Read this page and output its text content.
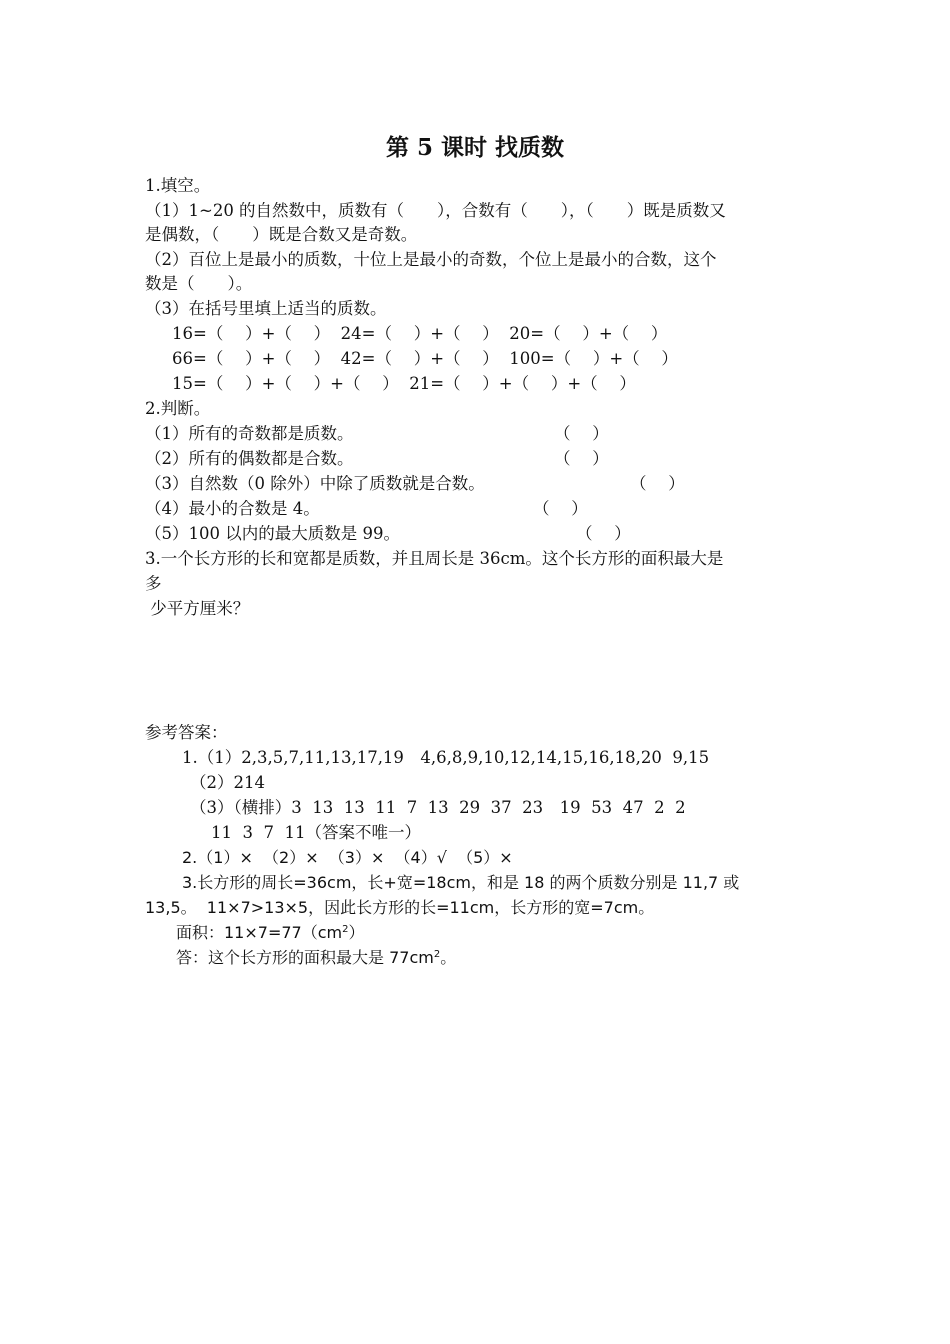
第 5 课时 找质数
1.填空。
（1）1~20 的自然数中，质数有（　　），合数有（　　），（　　）既是质数又
是偶数，（　　）既是合数又是奇数。
（2）百位上是最小的质数，十位上是最小的奇数，个位上是最小的合数，这个
数是（　　）。
（3）在括号里填上适当的质数。
16=（　 ）+（　 ）  24=（　 ）+（　 ）  20=（　 ）+（　 ）
66=（　 ）+（　 ）  42=（　 ）+（　 ）  100=（　 ）+（　 ）
15=（　 ）+（　 ）+（　 ）  21=（　 ）+（　 ）+（　 ）
2.判断。
（1）所有的奇数都是质数。	（　 ）
（2）所有的偶数都是合数。	（　 ）
（3）自然数（0 除外）中除了质数就是合数。	（　 ）
（4）最小的合数是 4。	（　 ）
（5）100 以内的最大质数是 99。	（　 ）
3.一个长方形的长和宽都是质数，并且周长是 36cm。这个长方形的面积最大是
多
少平方厘米？
参考答案：
1.（1）2,3,5,7,11,13,17,19　4,6,8,9,10,12,14,15,16,18,20  9,15
（2）214
（3）（横排）3  13  13  11  7  13  29  37  23　19  53  47  2  2
11  3  7  11（答案不唯一）
2.（1）×  （2）×  （3）×  （4）√  （5）×
3.长方形的周长=36cm，长+宽=18cm，和是 18 的两个质数分别是 11,7 或
13,5。  11×7>13×5，因此长方形的长=11cm，长方形的宽=7cm。
面积：$11\times 7=77(cm^2)$
答：这个长方形的面积最大是 $77cm^2$。
